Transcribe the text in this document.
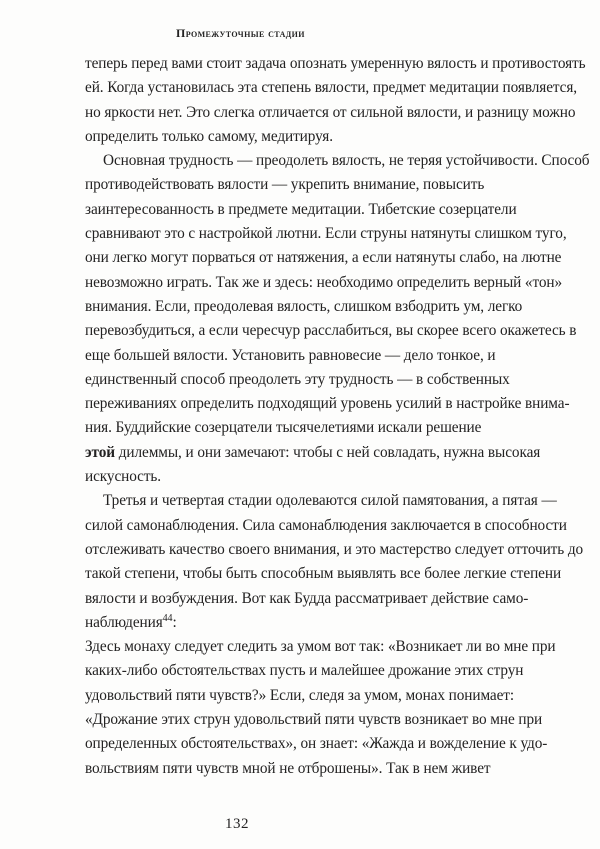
Промежуточные стадии
теперь перед вами стоит задача опознать умеренную вялость и противостоять
ей. Когда установилась эта степень вялости, предмет медитации появляется,
но яркости нет. Это слегка отличается от сильной вялости, и разницу можно
определить только самому, медитируя.
Основная трудность — преодолеть вялость, не теряя устойчивости. Способ
противодействовать вялости — укрепить внимание, повысить
заинтересованность в предмете медитации. Тибетские созерцатели
сравнивают это с настройкой лютни. Если струны натянуты слишком туго,
они легко могут порваться от натяжения, а если натянуты слабо, на лютне
невозможно играть. Так же и здесь: необходимо определить верный «тон»
внимания. Если, преодолевая вялость, слишком взбодрить ум, легко
перевозбудиться, а если чересчур расслабиться, вы скорее всего окажетесь в
еще большей вялости. Установить равновесие — дело тонкое, и
единственный способ преодолеть эту трудность — в собственных
переживаниях определить подходящий уровень усилий в настройке внима-
ния. Буддийские созерцатели тысячелетиями искали решение
этой дилеммы, и они замечают: чтобы с ней совладать, нужна высокая
искусность.
Третья и четвертая стадии одолеваются силой памятования, а пятая —
силой самонаблюдения. Сила самонаблюдения заключается в способности
отслеживать качество своего внимания, и это мастерство следует отточить до
такой степени, чтобы быть способным выявлять все более легкие степени
вялости и возбуждения. Вот как Будда рассматривает действие само-
наблюдения$^{44}$:
Здесь монаху следует следить за умом вот так: «Возникает ли во мне при
каких-либо обстоятельствах пусть и малейшее дрожание этих струн
удовольствий пяти чувств?» Если, следя за умом, монах понимает:
«Дрожание этих струн удовольствий пяти чувств возникает во мне при
определенных обстоятельствах», он знает: «Жажда и вожделение к удо-
вольствиям пяти чувств мной не отброшены». Так в нем живет
132
